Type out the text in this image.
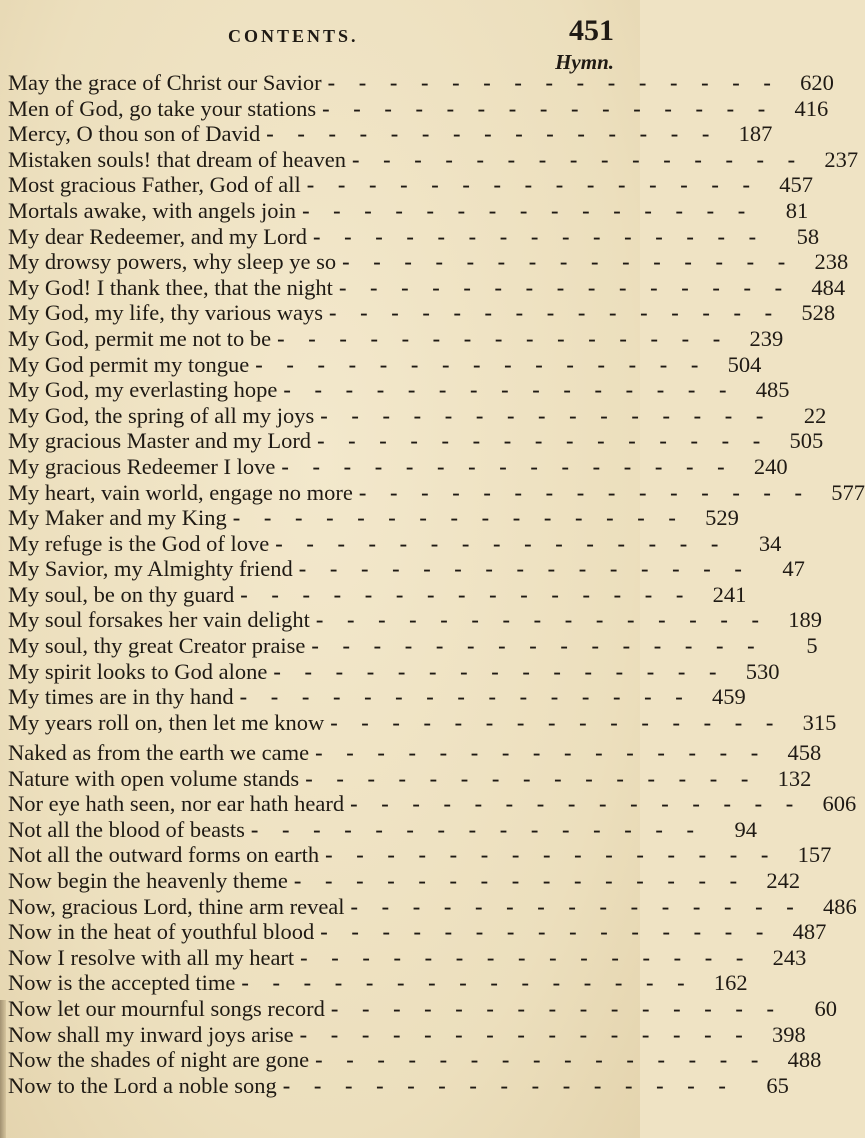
CONTENTS.	451
Hymn.
May the grace of Christ our Savior - - - - - - - - - - - - - - - 620
Men of God, go take your stations - - - - - - - - - - - - - - - 416
Mercy, O thou son of David - - - - - - - - - - - - - - - 187
Mistaken souls! that dream of heaven - - - - - - - - - - - - - - - 237
Most gracious Father, God of all - - - - - - - - - - - - - - - 457
Mortals awake, with angels join - - - - - - - - - - - - - - -	81
My dear Redeemer, and my Lord - - - - - - - - - - - - - - -	58
My drowsy powers, why sleep ye so - - - - - - - - - - - - - - - 238
My God! I thank thee, that the night - - - - - - - - - - - - - - - 484
My God, my life, thy various ways - - - - - - - - - - - - - - - 528
My God, permit me not to be - - - - - - - - - - - - - - - 239
My God permit my tongue - - - - - - - - - - - - - - - 504
My God, my everlasting hope - - - - - - - - - - - - - - - 485
My God, the spring of all my joys - - - - - - - - - - - - - - -	22
My gracious Master and my Lord - - - - - - - - - - - - - - - 505
My gracious Redeemer I love - - - - - - - - - - - - - - - 240
My heart, vain world, engage no more - - - - - - - - - - - - - - - 577
My Maker and my King - - - - - - - - - - - - - - - 529
My refuge is the God of love - - - - - - - - - - - - - - -	34
My Savior, my Almighty friend - - - - - - - - - - - - - - -	47
My soul, be on thy guard - - - - - - - - - - - - - - - 241
My soul forsakes her vain delight - - - - - - - - - - - - - - - 189
My soul, thy great Creator praise - - - - - - - - - - - - - - -	5
My spirit looks to God alone - - - - - - - - - - - - - - - 530
My times are in thy hand - - - - - - - - - - - - - - - 459
My years roll on, then let me know - - - - - - - - - - - - - - - 315
Naked as from the earth we came - - - - - - - - - - - - - - - 458
Nature with open volume stands - - - - - - - - - - - - - - - 132
Nor eye hath seen, nor ear hath heard - - - - - - - - - - - - - - - 606
Not all the blood of beasts - - - - - - - - - - - - - - -	94
Not all the outward forms on earth - - - - - - - - - - - - - - - 157
Now begin the heavenly theme - - - - - - - - - - - - - - - 242
Now, gracious Lord, thine arm reveal - - - - - - - - - - - - - - - 486
Now in the heat of youthful blood - - - - - - - - - - - - - - - 487
Now I resolve with all my heart - - - - - - - - - - - - - - - 243
Now is the accepted time - - - - - - - - - - - - - - - 162
Now let our mournful songs record - - - - - - - - - - - - - - -	60
Now shall my inward joys arise - - - - - - - - - - - - - - - 398
Now the shades of night are gone - - - - - - - - - - - - - - - 488
Now to the Lord a noble song - - - - - - - - - - - - - - -	65
